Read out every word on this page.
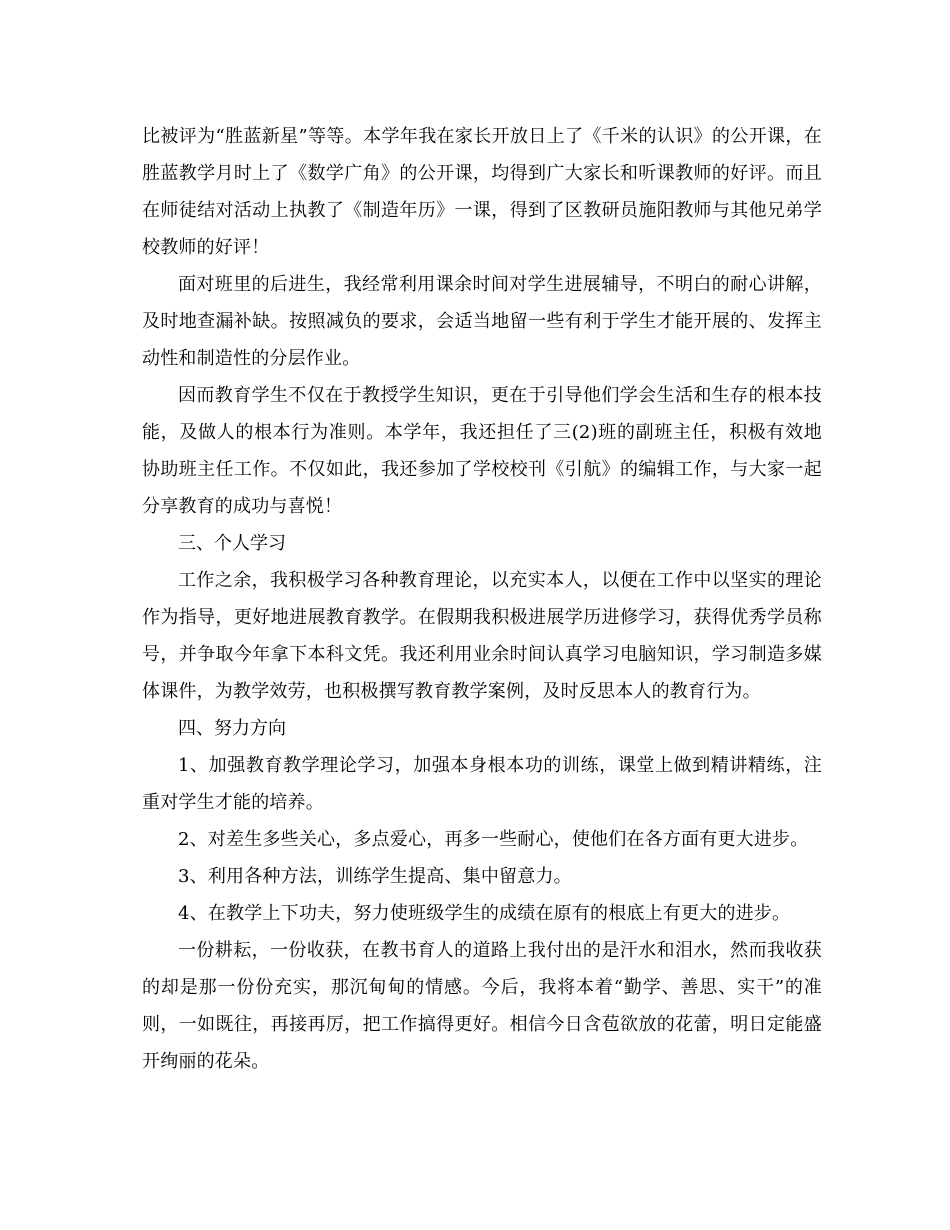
比被评为“胜蓝新星”等等。本学年我在家长开放日上了《千米的认识》的公开课，在胜蓝教学月时上了《数学广角》的公开课，均得到广大家长和听课教师的好评。而且在师徒结对活动上执教了《制造年历》一课，得到了区教研员施阳教师与其他兄弟学校教师的好评！

面对班里的后进生，我经常利用课余时间对学生进展辅导，不明白的耐心讲解，及时地查漏补缺。按照减负的要求，会适当地留一些有利于学生才能开展的、发挥主动性和制造性的分层作业。

因而教育学生不仅在于教授学生知识，更在于引导他们学会生活和生存的根本技能，及做人的根本行为准则。本学年，我还担任了三(2)班的副班主任，积极有效地协助班主任工作。不仅如此，我还参加了学校校刊《引航》的编辑工作，与大家一起分享教育的成功与喜悦！

三、个人学习

工作之余，我积极学习各种教育理论，以充实本人，以便在工作中以坚实的理论作为指导，更好地进展教育教学。在假期我积极进展学历进修学习，获得优秀学员称号，并争取今年拿下本科文凭。我还利用业余时间认真学习电脑知识，学习制造多媒体课件，为教学效劳，也积极撰写教育教学案例，及时反思本人的教育行为。

四、努力方向

1、加强教育教学理论学习，加强本身根本功的训练，课堂上做到精讲精练，注重对学生才能的培养。

2、对差生多些关心，多点爱心，再多一些耐心，使他们在各方面有更大进步。

3、利用各种方法，训练学生提高、集中留意力。

4、在教学上下功夫，努力使班级学生的成绩在原有的根底上有更大的进步。

一份耕耘，一份收获，在教书育人的道路上我付出的是汗水和泪水，然而我收获的却是那一份份充实，那沉甸甸的情感。今后，我将本着“勤学、善思、实干”的准则，一如既往，再接再厉，把工作搞得更好。相信今日含苞欲放的花蕾，明日定能盛开绚丽的花朵。
